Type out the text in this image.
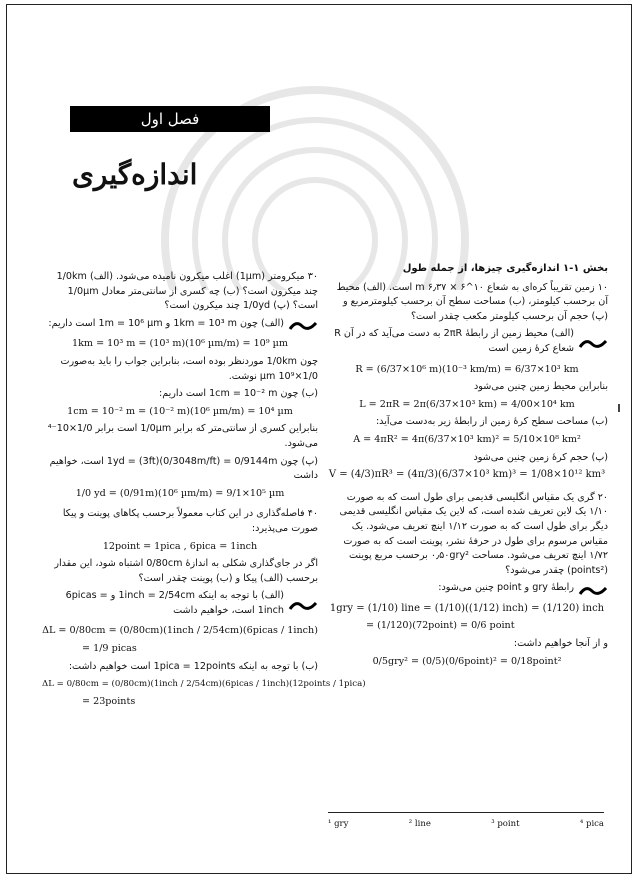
فصل اول
اندازه‌گیری
بخش ۱-۱ اندازه‌گیری چیزها، از جمله طول
۱۰ زمین تقریباً کره‌ای به شعاع ۱۰^۶ × ۶٫۳۷ m است. (الف) محیط آن برحسب کیلومتر، (ب) مساحت سطح آن برحسب کیلومترمربع و (پ) حجم آن برحسب کیلومتر مکعب چقدر است؟
(الف) محیط زمین از رابطهٔ 2πR به دست می‌آید که در آن R شعاع کرهٔ زمین است
R = (6/37×10⁶ m)(10⁻³ km/m) = 6/37×10³ km
بنابراین محیط زمین چنین می‌شود
L = 2πR = 2π(6/37×10³ km) = 4/00×10⁴ km
(ب) مساحت سطح کرهٔ زمین از رابطهٔ زیر به‌دست می‌آید:
A = 4πR² = 4π(6/37×10³ km)² = 5/10×10⁸ km²
(پ) حجم کرهٔ زمین چنین می‌شود
V = (4/3)πR³ = (4π/3)(6/37×10³ km)³ = 1/08×10¹² km³
۲۰ گری یک مقیاس انگلیسی قدیمی برای طول است که به صورت ۱/۱۰ یک لاین تعریف شده است، که لاین یک مقیاس انگلیسی قدیمی دیگر برای طول است که به صورت ۱/۱۲ اینچ تعریف می‌شود. یک مقیاس مرسوم برای طول در حرفهٔ نشر، پوینت است که به صورت ۱/۷۲ اینچ تعریف می‌شود. مساحت ۰٫۵۰gry² برحسب مربع پوینت (points²) چقدر می‌شود؟
رابطهٔ gry و point چنین می‌شود:
1gry = (1/10) line = (1/10)((1/12) inch) = (1/120) inch
= (1/120)(72point) = 0/6 point
و از آنجا خواهیم داشت:
0/5gry² = (0/5)(0/6point)² = 0/18point²
۳۰ میکرومتر (1µm) اغلب میکرون نامیده می‌شود. (الف) 1/0km چند میکرون است؟ (ب) چه کسری از سانتی‌متر معادل 1/0µm است؟ (پ) 1/0yd چند میکرون است؟
(الف) چون 1km = 10³ m و 1m = 10⁶ µm است داریم:
1km = 10³ m = (10³ m)(10⁶ µm/m) = 10⁹ µm
چون 1/0km موردنظر بوده است، بنابراین جواب را باید به‌صورت 1/0×10⁹ µm نوشت.
(ب) چون 1cm = 10⁻² m است داریم:
1cm = 10⁻² m = (10⁻² m)(10⁶ µm/m) = 10⁴ µm
بنابراین کسری از سانتی‌متر که برابر 1/0µm است برابر 1/0×10⁻⁴ می‌شود.
(پ) چون 1yd = (3ft)(0/3048m/ft) = 0/9144m است، خواهیم داشت
1/0 yd = (0/91m)(10⁶ µm/m) = 9/1×10⁵ µm
۴۰ فاصله‌گذاری در این کتاب معمولاً برحسب پکاهای پوینت و پیکا صورت می‌پذیرد:
12point = 1pica , 6pica = 1inch
اگر در جای‌گذاری شکلی به اندازهٔ 0/80cm اشتباه شود، این مقدار برحسب (الف) پیکا و (ب) پوینت چقدر است؟
(الف) با توجه به اینکه 1inch = 2/54cm و 6picas = 1inch است، خواهیم داشت
ΔL = 0/80cm = (0/80cm)(1inch / 2/54cm)(6picas / 1inch)
= 1/9 picas
(ب) با توجه به اینکه 1pica = 12points است خواهیم داشت:
ΔL = 0/80cm = (0/80cm)(1inch / 2/54cm)(6picas / 1inch)(12points / 1pica)
= 23points
¹ gry	² line	³ point	⁴ pica
